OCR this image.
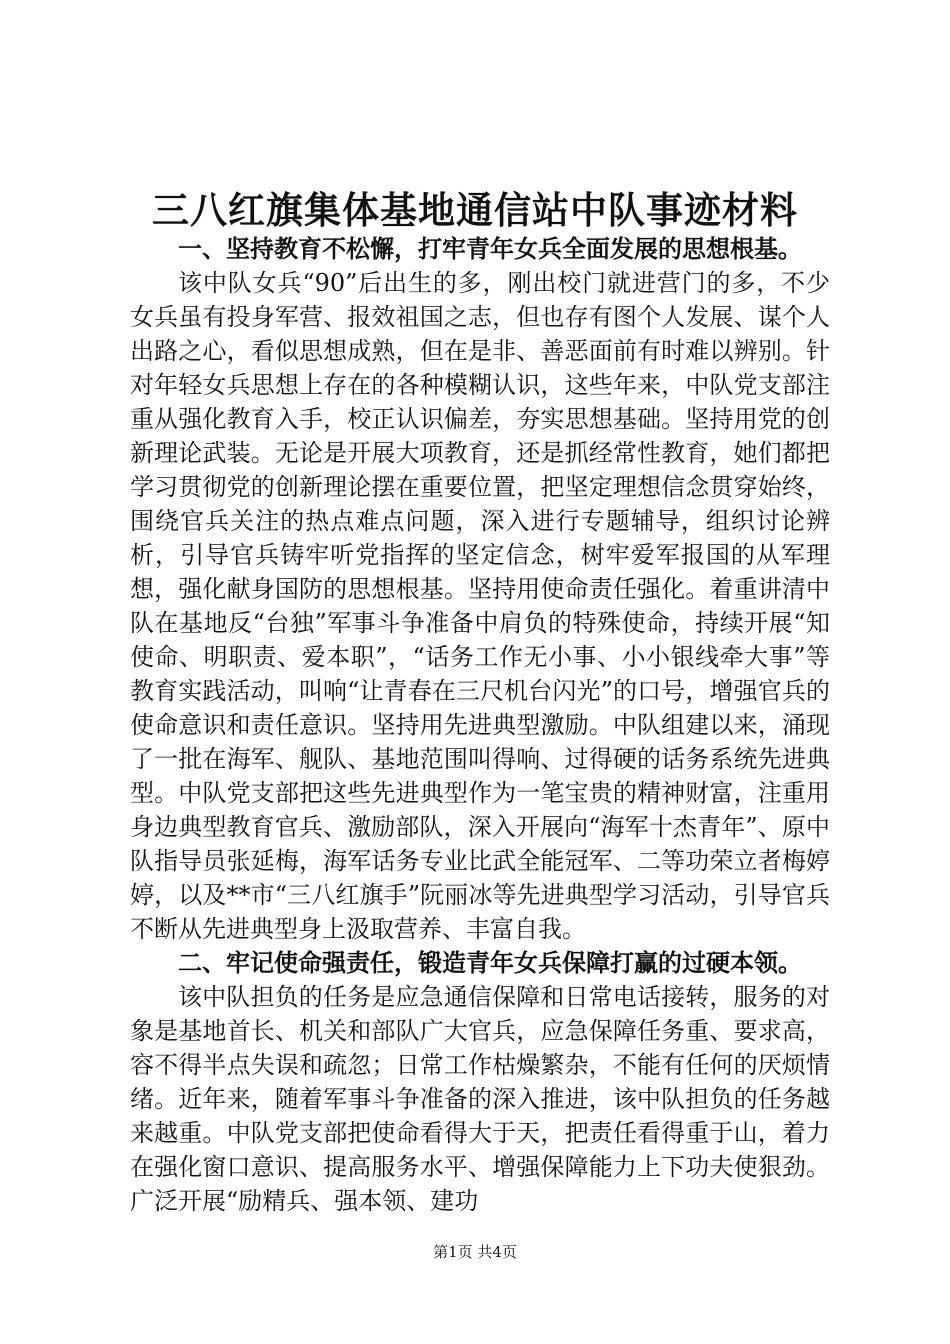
三八红旗集体基地通信站中队事迹材料

一、坚持教育不松懈，打牢青年女兵全面发展的思想根基。

该中队女兵“90”后出生的多，刚出校门就进营门的多，不少女兵虽有投身军营、报效祖国之志，但也存有图个人发展、谋个人出路之心，看似思想成熟，但在是非、善恶面前有时难以辨别。针对年轻女兵思想上存在的各种模糊认识，这些年来，中队党支部注重从强化教育入手，校正认识偏差，夯实思想基础。坚持用党的创新理论武装。无论是开展大项教育，还是抓经常性教育，她们都把学习贯彻党的创新理论摆在重要位置，把坚定理想信念贯穿始终，围绕官兵关注的热点难点问题，深入进行专题辅导，组织讨论辨析，引导官兵铸牢听党指挥的坚定信念，树牢爱军报国的从军理想，强化献身国防的思想根基。坚持用使命责任强化。着重讲清中队在基地反“台独”军事斗争准备中肩负的特殊使命，持续开展“知使命、明职责、爱本职”，“话务工作无小事、小小银线牵大事”等教育实践活动，叫响“让青春在三尺机台闪光”的口号，增强官兵的使命意识和责任意识。坚持用先进典型激励。中队组建以来，涌现了一批在海军、舰队、基地范围叫得响、过得硬的话务系统先进典型。中队党支部把这些先进典型作为一笔宝贵的精神财富，注重用身边典型教育官兵、激励部队，深入开展向“海军十杰青年”、原中队指导员张延梅，海军话务专业比武全能冠军、二等功荣立者梅婷婷，以及**市“三八红旗手”阮丽冰等先进典型学习活动，引导官兵不断从先进典型身上汲取营养、丰富自我。

二、牢记使命强责任，锻造青年女兵保障打赢的过硬本领。

该中队担负的任务是应急通信保障和日常电话接转，服务的对象是基地首长、机关和部队广大官兵，应急保障任务重、要求高，容不得半点失误和疏忽；日常工作枯燥繁杂，不能有任何的厌烦情绪。近年来，随着军事斗争准备的深入推进，该中队担负的任务越来越重。中队党支部把使命看得大于天，把责任看得重于山，着力在强化窗口意识、提高服务水平、增强保障能力上下功夫使狠劲。广泛开展“励精兵、强本领、建功

第1页 共4页
